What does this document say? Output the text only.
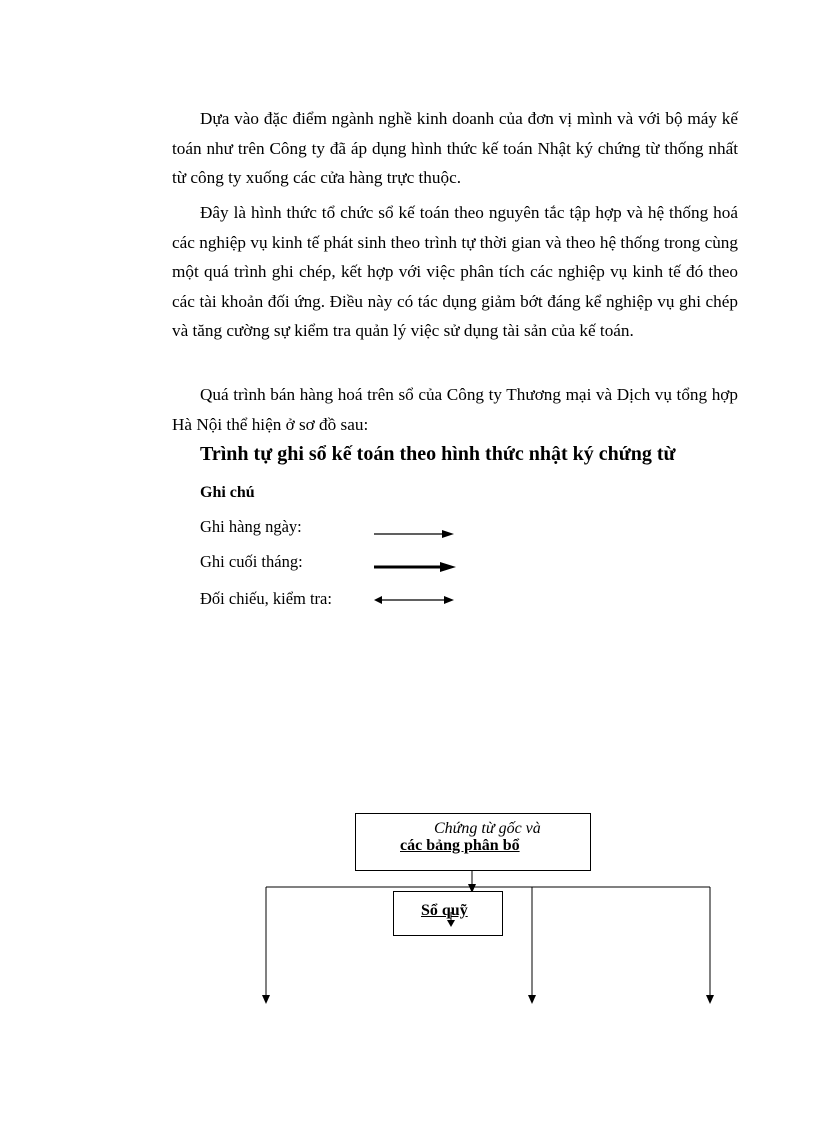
Dựa vào đặc điểm ngành nghề kinh doanh của đơn vị mình và với bộ máy kế toán như trên Công ty đã áp dụng hình thức kế toán Nhật ký chứng từ thống nhất từ công ty xuống các cửa hàng trực thuộc.

Đây là hình thức tổ chức sổ kế toán theo nguyên tắc tập hợp và hệ thống hoá các nghiệp vụ kinh tế phát sinh theo trình tự thời gian và theo hệ thống trong cùng một quá trình ghi chép, kết hợp với việc phân tích các nghiệp vụ kinh tế đó theo các tài khoản đối ứng. Điều này có tác dụng giảm bớt đáng kể nghiệp vụ ghi chép và tăng cường sự kiểm tra quản lý việc sử dụng tài sản của kế toán.

Quá trình bán hàng hoá trên sổ của Công ty Thương mại và Dịch vụ tổng hợp Hà Nội thể hiện ở sơ đồ sau:

Trình tự ghi sổ kế toán theo hình thức nhật ký chứng từ
Ghi chú
Ghi hàng ngày:
Ghi cuối tháng:
Đối chiếu, kiểm tra:
Chứng từ gốc và
các bảng phân bổ
Sổ quỹ
